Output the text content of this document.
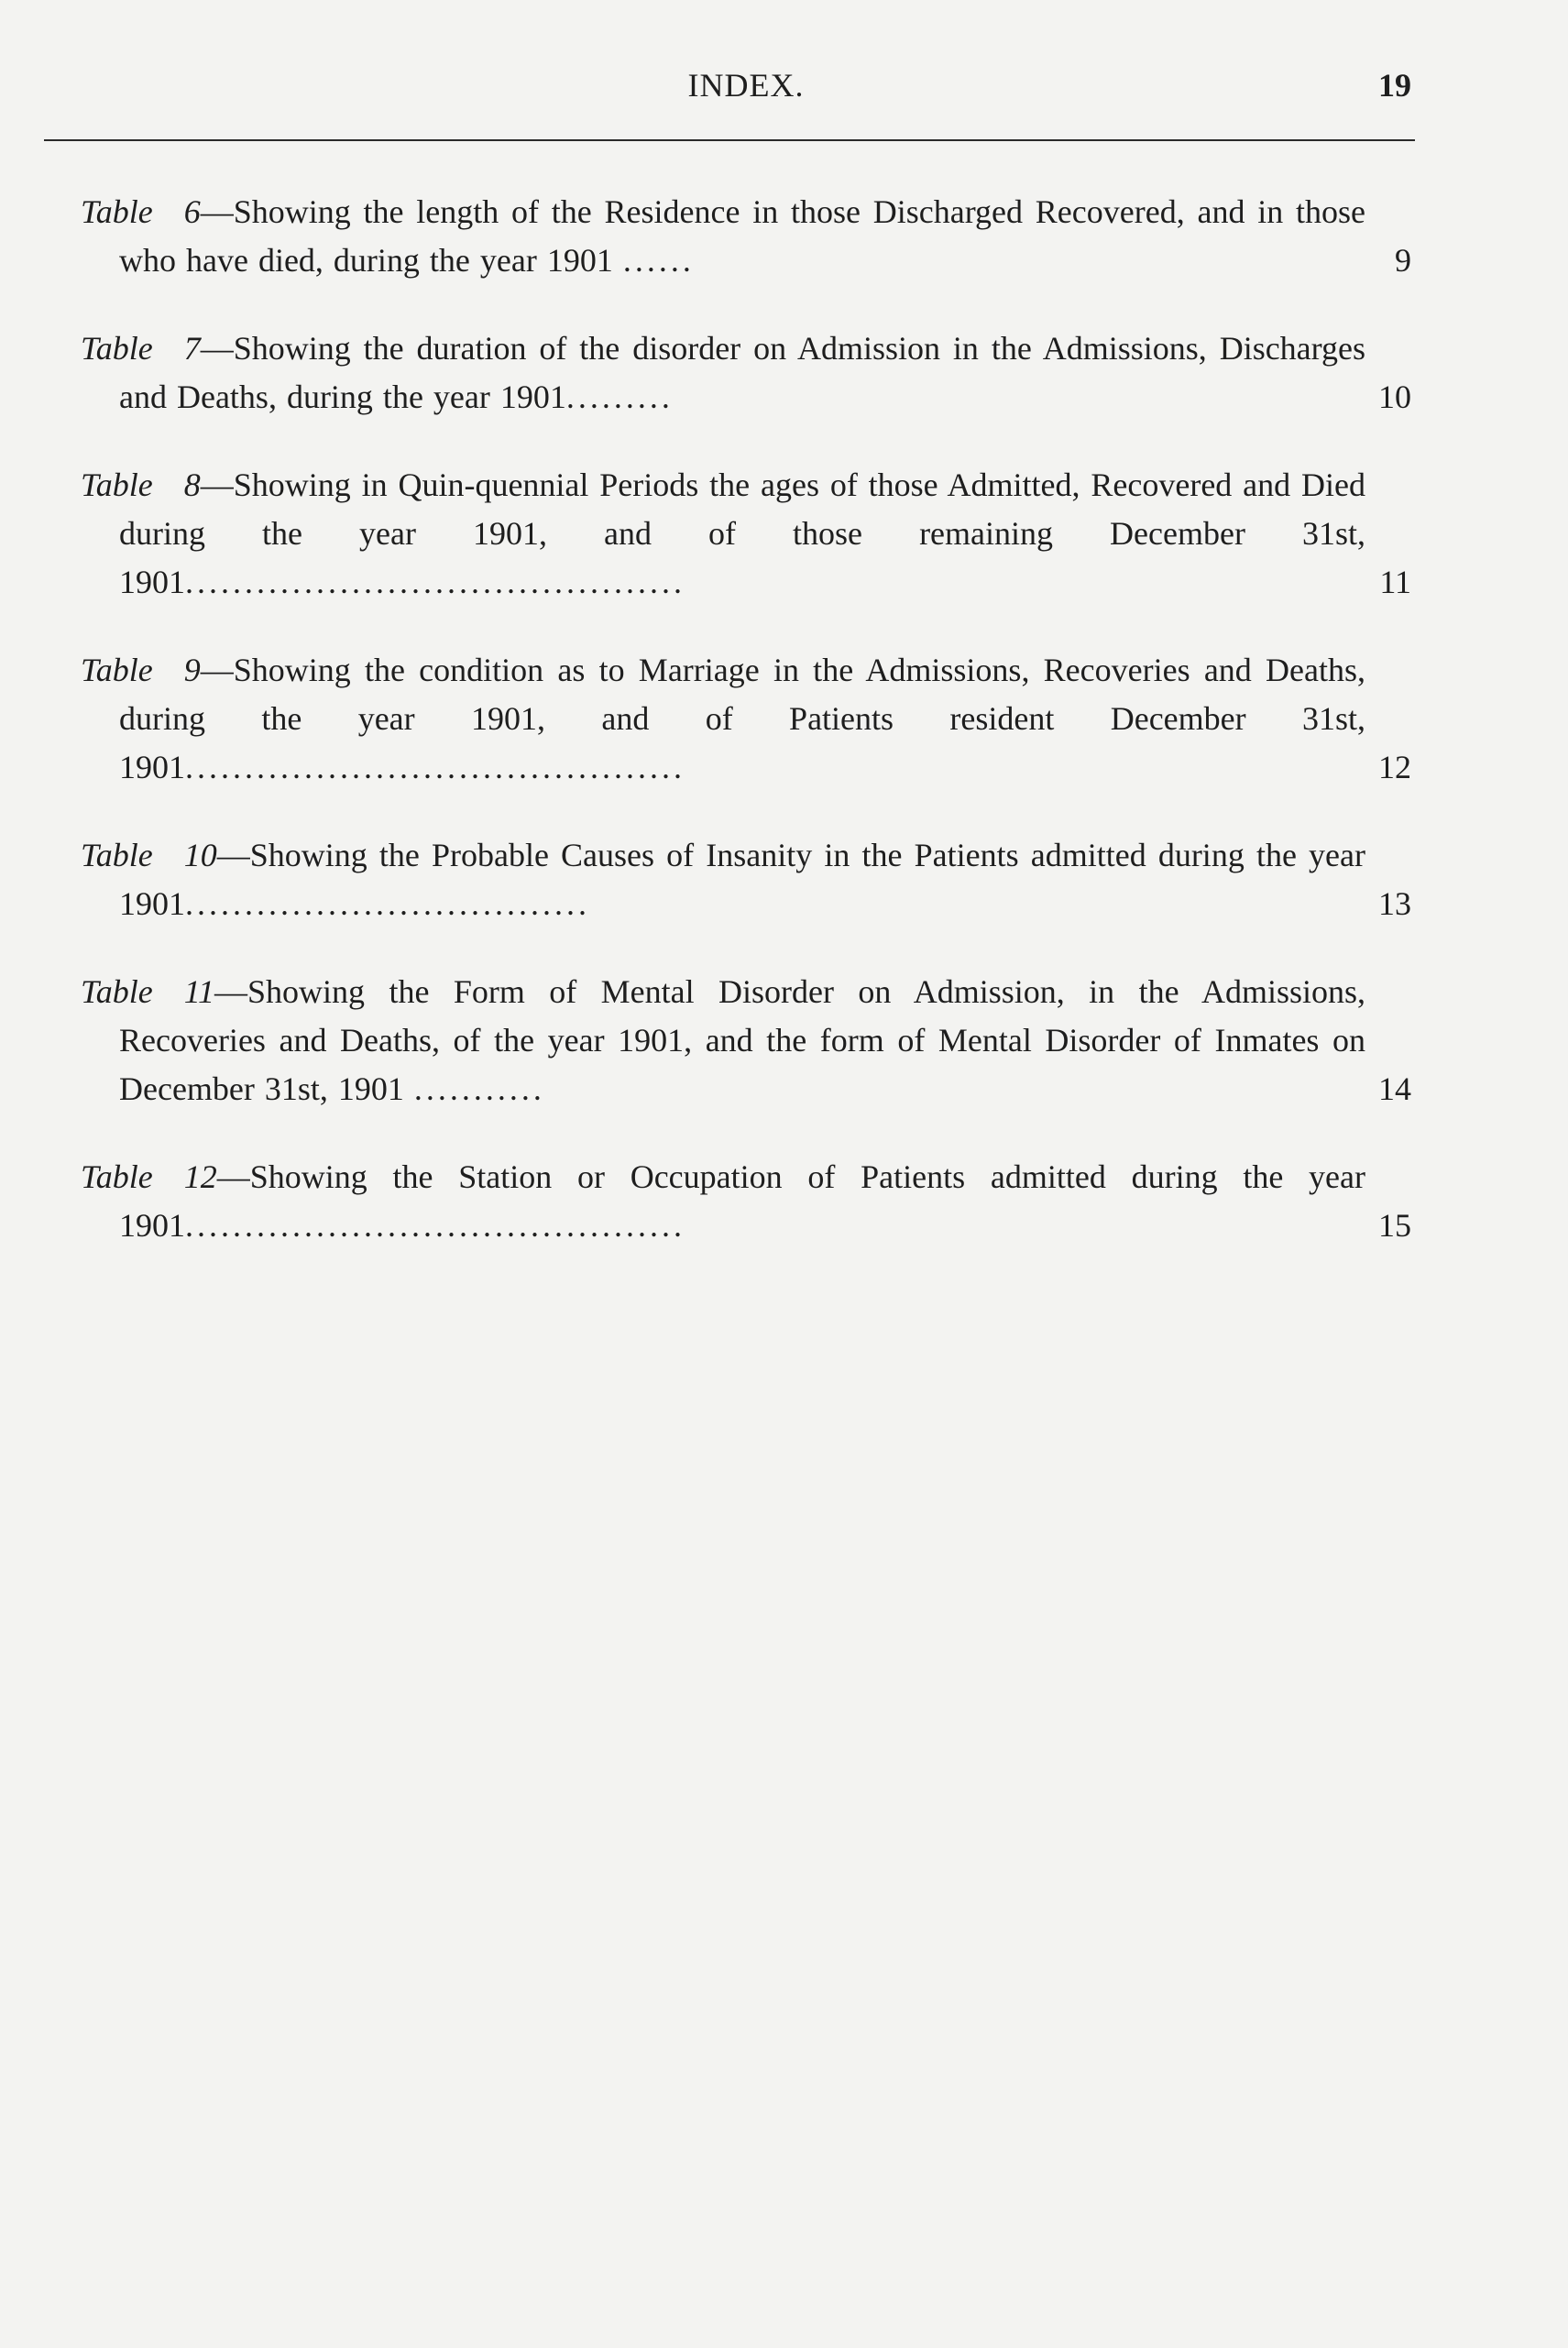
INDEX.	19
Table 6—Showing the length of the Residence in those Discharged Recovered, and in those who have died, during the year 1901 ......	9
Table 7—Showing the duration of the disorder on Admission in the Admissions, Discharges and Deaths, during the year 1901.........	10
Table 8—Showing in Quin-quennial Periods the ages of those Admitted, Recovered and Died during the year 1901, and of those remaining December 31st, 1901..........................................	11
Table 9—Showing the condition as to Marriage in the Admissions, Recoveries and Deaths, during the year 1901, and of Patients resident December 31st, 1901..........................................	12
Table 10—Showing the Probable Causes of Insanity in the Patients admitted during the year 1901..................................	13
Table 11—Showing the Form of Mental Disorder on Admission, in the Admissions, Recoveries and Deaths, of the year 1901, and the form of Mental Disorder of Inmates on December 31st, 1901 ...........	14
Table 12—Showing the Station or Occupation of Patients admitted during the year 1901..........................................	15
